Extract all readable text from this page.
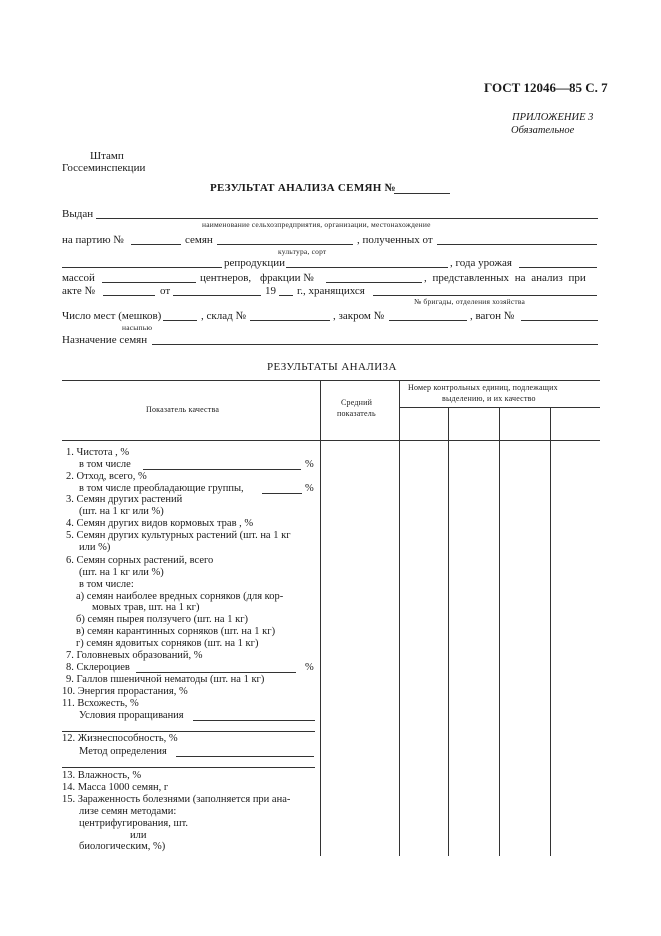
ГОСТ 12046—85 С. 7
ПРИЛОЖЕНИЕ 3
Обязательное
Штамп
Госсеминспекции
РЕЗУЛЬТАТ АНАЛИЗА СЕМЯН №
Выдан
наименование сельхозпредприятия, организации, местонахождение
на партию №	семян	, полученных от
культура, сорт
репродукции	, года урожая
массой	центнеров, фракции №	, представленных на анализ при
акте №	от	19 г., хранящихся
№ бригады, отделения хозяйства
Число мест (мешков)	, склад №	, закром №	, вагон №
насыпью
Назначение семян
РЕЗУЛЬТАТЫ АНАЛИЗА
Показатель качества
Средний
показатель
Номер контрольных единиц, подлежащих
выделению, и их качество
1. Чистота , %
в том числе	%
2. Отход, всего, %
в том числе преобладающие группы,	%
3. Семян других растений
(шт. на 1 кг или %)
4. Семян других видов кормовых трав , %
5. Семян других культурных растений (шт. на 1 кг
или %)
6. Семян сорных растений, всего
(шт. на 1 кг или %)
в том числе:
а) семян наиболее вредных сорняков (для кор-
мовых трав, шт. на 1 кг)
б) семян пырея ползучего (шт. на 1 кг)
в) семян карантинных сорняков (шт. на 1 кг)
г) семян ядовитых сорняков (шт. на 1 кг)
7. Головневых образований, %
8. Склероциев	%
9. Галлов пшеничной нематоды (шт. на 1 кг)
10. Энергия прорастания, %
11. Всхожесть, %
Условия проращивания
12. Жизнеспособность, %
Метод определения
13. Влажность, %
14. Масса 1000 семян, г
15. Зараженность болезнями (заполняется при ана-
лизе семян методами:
центрифугирования, шт.
или
биологическим, %)
